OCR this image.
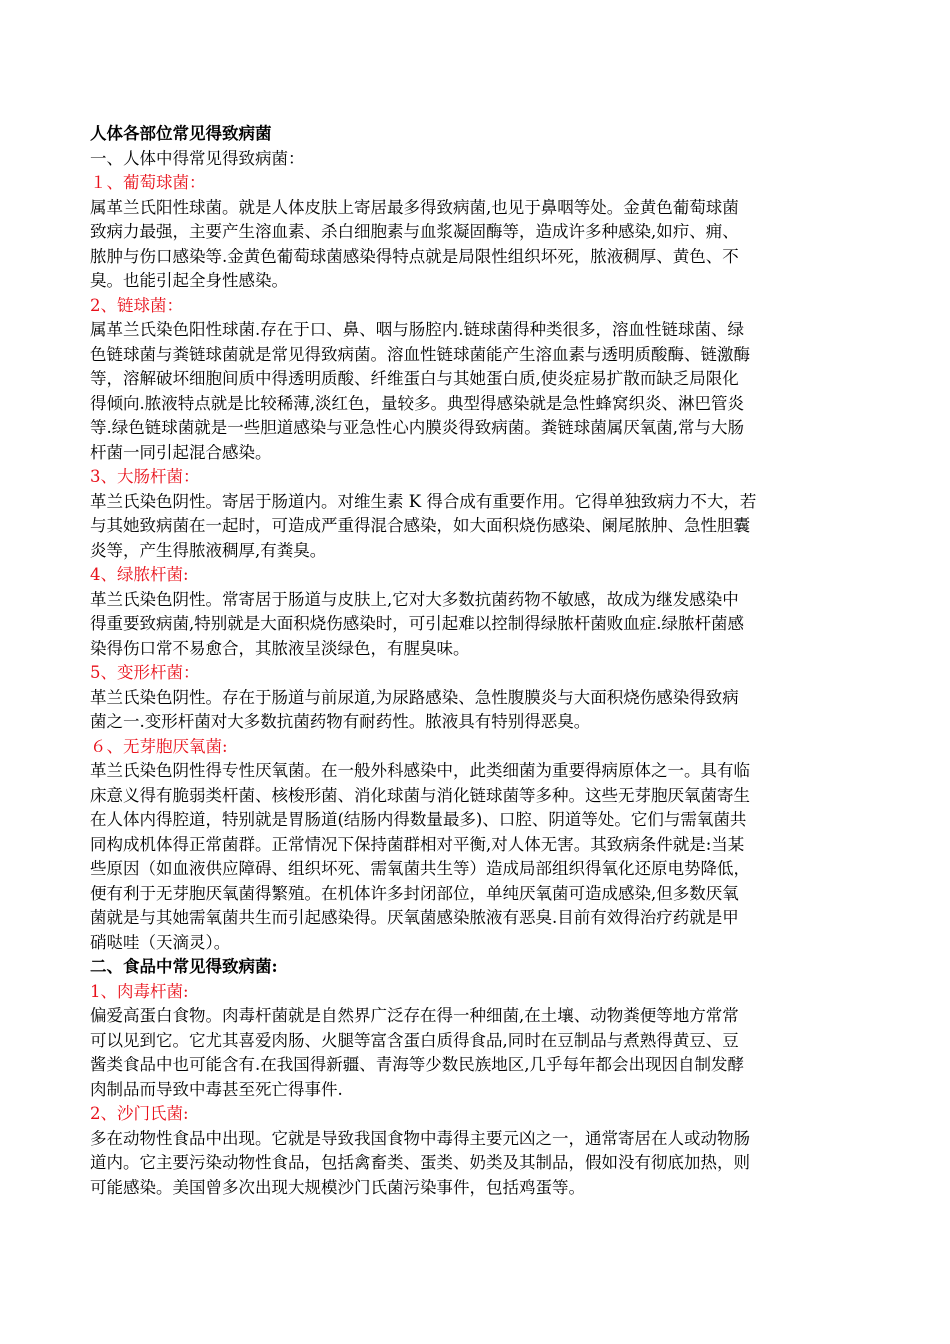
人体各部位常见得致病菌
一、人体中得常见得致病菌：
１、葡萄球菌：
属革兰氏阳性球菌。就是人体皮肤上寄居最多得致病菌,也见于鼻咽等处。金黄色葡萄球菌
致病力最强，主要产生溶血素、杀白细胞素与血浆凝固酶等，造成许多种感染,如疖、痈、
脓肿与伤口感染等.金黄色葡萄球菌感染得特点就是局限性组织坏死，脓液稠厚、黄色、不
臭。也能引起全身性感染。
2、链球菌：
属革兰氏染色阳性球菌.存在于口、鼻、咽与肠腔内.链球菌得种类很多，溶血性链球菌、绿
色链球菌与粪链球菌就是常见得致病菌。溶血性链球菌能产生溶血素与透明质酸酶、链激酶
等，溶解破坏细胞间质中得透明质酸、纤维蛋白与其她蛋白质,使炎症易扩散而缺乏局限化
得倾向.脓液特点就是比较稀薄,淡红色，量较多。典型得感染就是急性蜂窝织炎、淋巴管炎
等.绿色链球菌就是一些胆道感染与亚急性心内膜炎得致病菌。粪链球菌属厌氧菌,常与大肠
杆菌一同引起混合感染。
3、大肠杆菌：
革兰氏染色阴性。寄居于肠道内。对维生素 K 得合成有重要作用。它得单独致病力不大，若
与其她致病菌在一起时，可造成严重得混合感染，如大面积烧伤感染、阑尾脓肿、急性胆囊
炎等，产生得脓液稠厚,有粪臭。
4、绿脓杆菌:
革兰氏染色阴性。常寄居于肠道与皮肤上,它对大多数抗菌药物不敏感，故成为继发感染中
得重要致病菌,特别就是大面积烧伤感染时，可引起难以控制得绿脓杆菌败血症.绿脓杆菌感
染得伤口常不易愈合，其脓液呈淡绿色，有腥臭味。
5、变形杆菌：
革兰氏染色阴性。存在于肠道与前尿道,为尿路感染、急性腹膜炎与大面积烧伤感染得致病
菌之一.变形杆菌对大多数抗菌药物有耐药性。脓液具有特别得恶臭。
６、无芽胞厌氧菌:
革兰氏染色阴性得专性厌氧菌。在一般外科感染中，此类细菌为重要得病原体之一。具有临
床意义得有脆弱类杆菌、核梭形菌、消化球菌与消化链球菌等多种。这些无芽胞厌氧菌寄生
在人体内得腔道，特别就是胃肠道(结肠内得数量最多)、口腔、阴道等处。它们与需氧菌共
同构成机体得正常菌群。正常情况下保持菌群相对平衡,对人体无害。其致病条件就是:当某
些原因（如血液供应障碍、组织坏死、需氧菌共生等）造成局部组织得氧化还原电势降低，
便有利于无芽胞厌氧菌得繁殖。在机体许多封闭部位，单纯厌氧菌可造成感染,但多数厌氧
菌就是与其她需氧菌共生而引起感染得。厌氧菌感染脓液有恶臭.目前有效得治疗药就是甲
硝哒哇（天滴灵）。
二、食品中常见得致病菌:
1、肉毒杆菌:
偏爱高蛋白食物。肉毒杆菌就是自然界广泛存在得一种细菌,在土壤、动物粪便等地方常常
可以见到它。它尤其喜爱肉肠、火腿等富含蛋白质得食品,同时在豆制品与煮熟得黄豆、豆
酱类食品中也可能含有.在我国得新疆、青海等少数民族地区,几乎每年都会出现因自制发酵
肉制品而导致中毒甚至死亡得事件.
2、沙门氏菌:
多在动物性食品中出现。它就是导致我国食物中毒得主要元凶之一，通常寄居在人或动物肠
道内。它主要污染动物性食品，包括禽畜类、蛋类、奶类及其制品，假如没有彻底加热，则
可能感染。美国曾多次出现大规模沙门氏菌污染事件，包括鸡蛋等。
